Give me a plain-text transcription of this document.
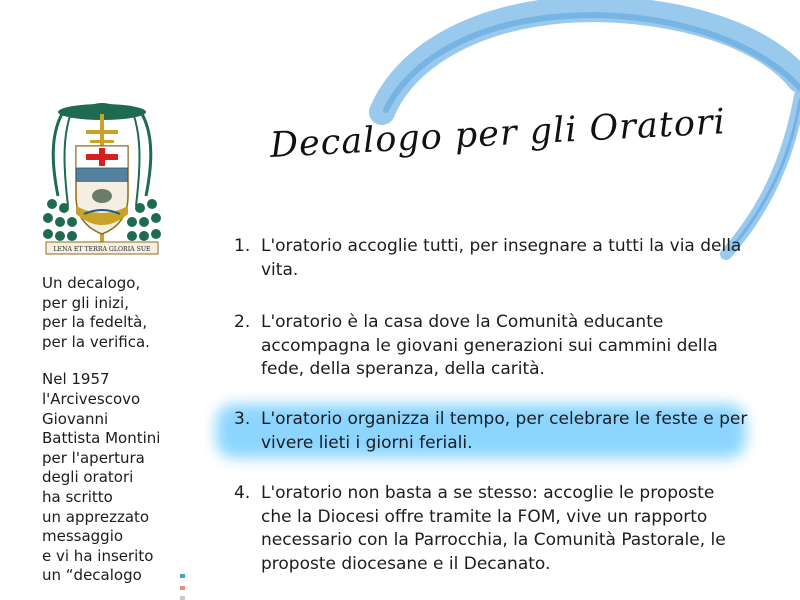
LENA ET TERRA GLORIA SUE

Un decalogo,

per gli inizi,

per la fedeltà,

per la verifica.

Nel 1957

l'Arcivescovo

Giovanni

Battista Montini

per l'apertura

degli oratori

ha scritto

un apprezzato

messaggio

e vi ha inserito

un “decalogo

Decalogo per gli Oratori
1. L'oratorio accoglie tutti, per insegnare a tutti la via della vita.
2. L'oratorio è la casa dove la Comunità educante accompagna le giovani generazioni sui cammini della fede, della speranza, della carità.
3. L'oratorio organizza il tempo, per celebrare le feste e per vivere lieti i giorni feriali.
4. L'oratorio non basta a se stesso: accoglie le proposte che la Diocesi offre tramite la FOM, vive un rapporto necessario con la Parrocchia, la Comunità Pastorale, le proposte diocesane e il Decanato.
